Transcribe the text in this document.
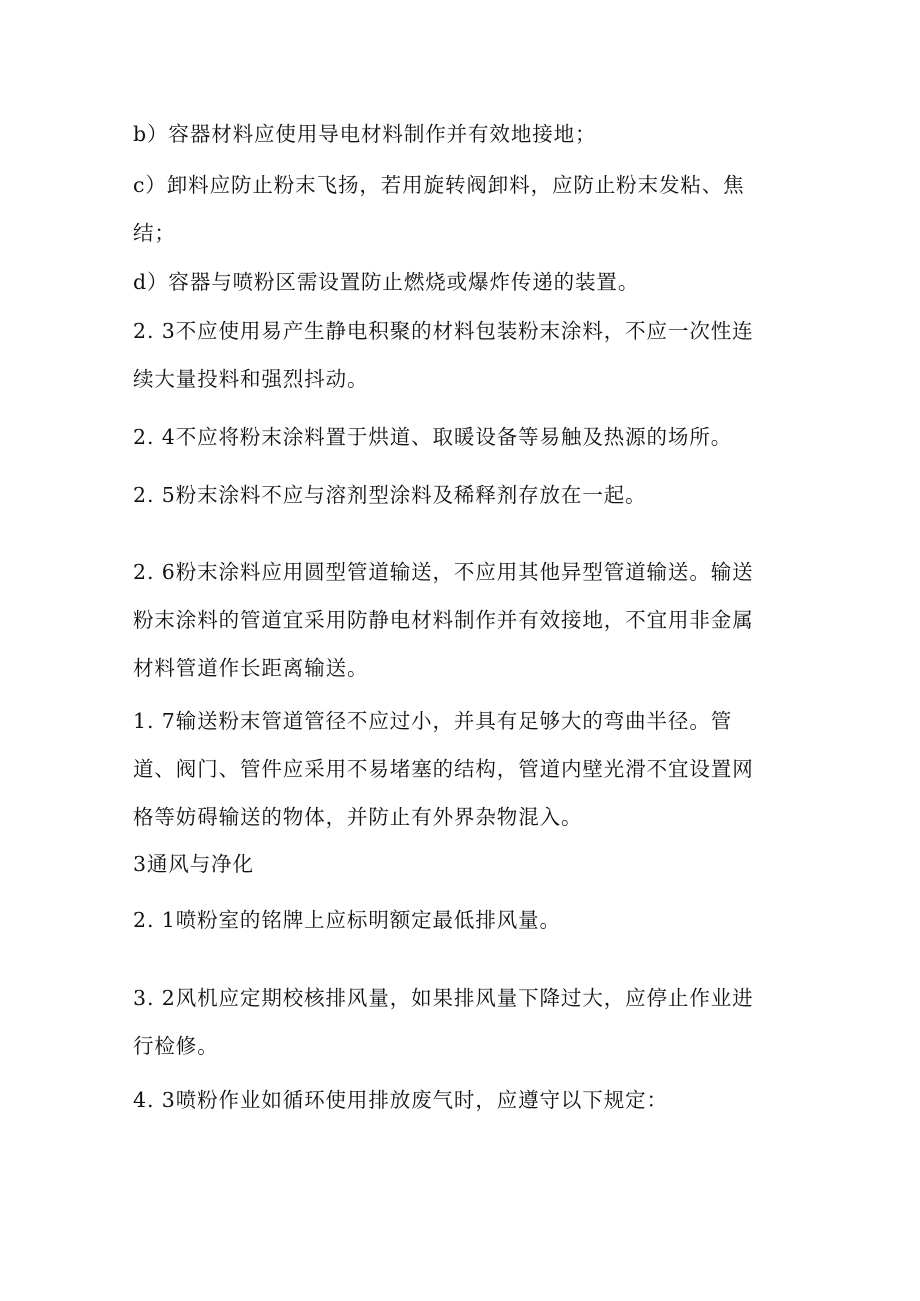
b）容器材料应使用导电材料制作并有效地接地；

c）卸料应防止粉末飞扬，若用旋转阀卸料，应防止粉末发粘、焦结；

d）容器与喷粉区需设置防止燃烧或爆炸传递的装置。

2. 3不应使用易产生静电积聚的材料包装粉末涂料，不应一次性连续大量投料和强烈抖动。

2. 4不应将粉末涂料置于烘道、取暖设备等易触及热源的场所。

2. 5粉末涂料不应与溶剂型涂料及稀释剂存放在一起。

2. 6粉末涂料应用圆型管道输送，不应用其他异型管道输送。输送粉末涂料的管道宜采用防静电材料制作并有效接地，不宜用非金属材料管道作长距离输送。

1. 7输送粉末管道管径不应过小，并具有足够大的弯曲半径。管道、阀门、管件应采用不易堵塞的结构，管道内壁光滑不宜设置网格等妨碍输送的物体，并防止有外界杂物混入。

3通风与净化

2. 1喷粉室的铭牌上应标明额定最低排风量。

3. 2风机应定期校核排风量，如果排风量下降过大，应停止作业进行检修。

4. 3喷粉作业如循环使用排放废气时，应遵守以下规定：
